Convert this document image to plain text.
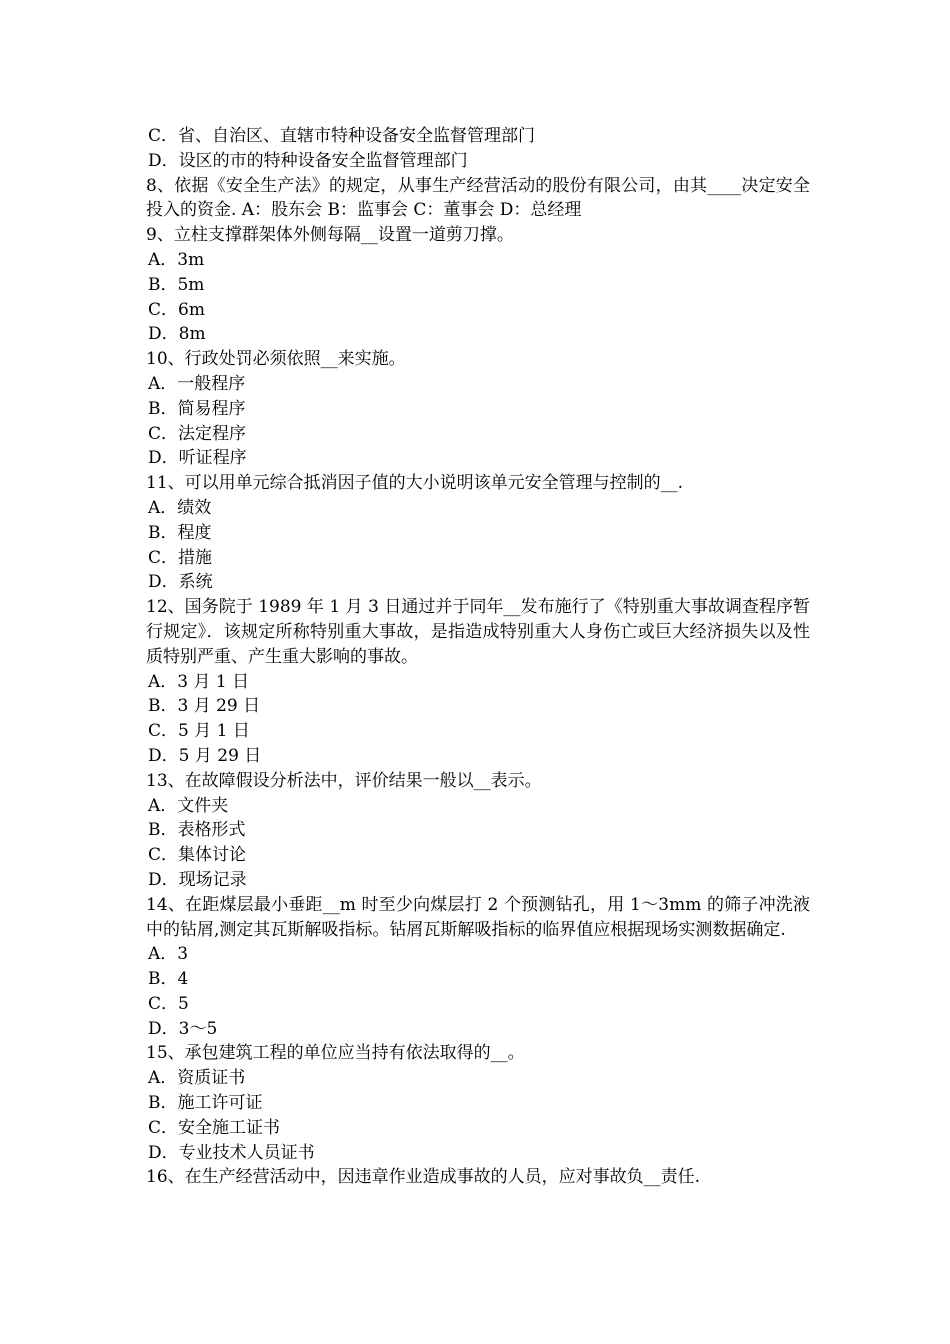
C．省、自治区、直辖市特种设备安全监督管理部门
D．设区的市的特种设备安全监督管理部门
8、依据《安全生产法》的规定，从事生产经营活动的股份有限公司，由其____决定安全投入的资金. A：股东会 B：监事会 C：董事会 D：总经理
9、立柱支撑群架体外侧每隔__设置一道剪刀撑。
A．3m
B．5m
C．6m
D．8m
10、行政处罚必须依照__来实施。
A．一般程序
B．简易程序
C．法定程序
D．听证程序
11、可以用单元综合抵消因子值的大小说明该单元安全管理与控制的__.
A．绩效
B．程度
C．措施
D．系统
12、国务院于 1989 年 1 月 3 日通过并于同年__发布施行了《特别重大事故调查程序暂行规定》．该规定所称特别重大事故，是指造成特别重大人身伤亡或巨大经济损失以及性质特别严重、产生重大影响的事故。
A．3 月 1 日
B．3 月 29 日
C．5 月 1 日
D．5 月 29 日
13、在故障假设分析法中，评价结果一般以__表示。
A．文件夹
B．表格形式
C．集体讨论
D．现场记录
14、在距煤层最小垂距__m 时至少向煤层打 2 个预测钻孔，用 1～3mm 的筛子冲洗液中的钻屑,测定其瓦斯解吸指标。钻屑瓦斯解吸指标的临界值应根据现场实测数据确定.
A．3
B．4
C．5
D．3～5
15、承包建筑工程的单位应当持有依法取得的__。
A．资质证书
B．施工许可证
C．安全施工证书
D．专业技术人员证书
16、在生产经营活动中，因违章作业造成事故的人员，应对事故负__责任.
